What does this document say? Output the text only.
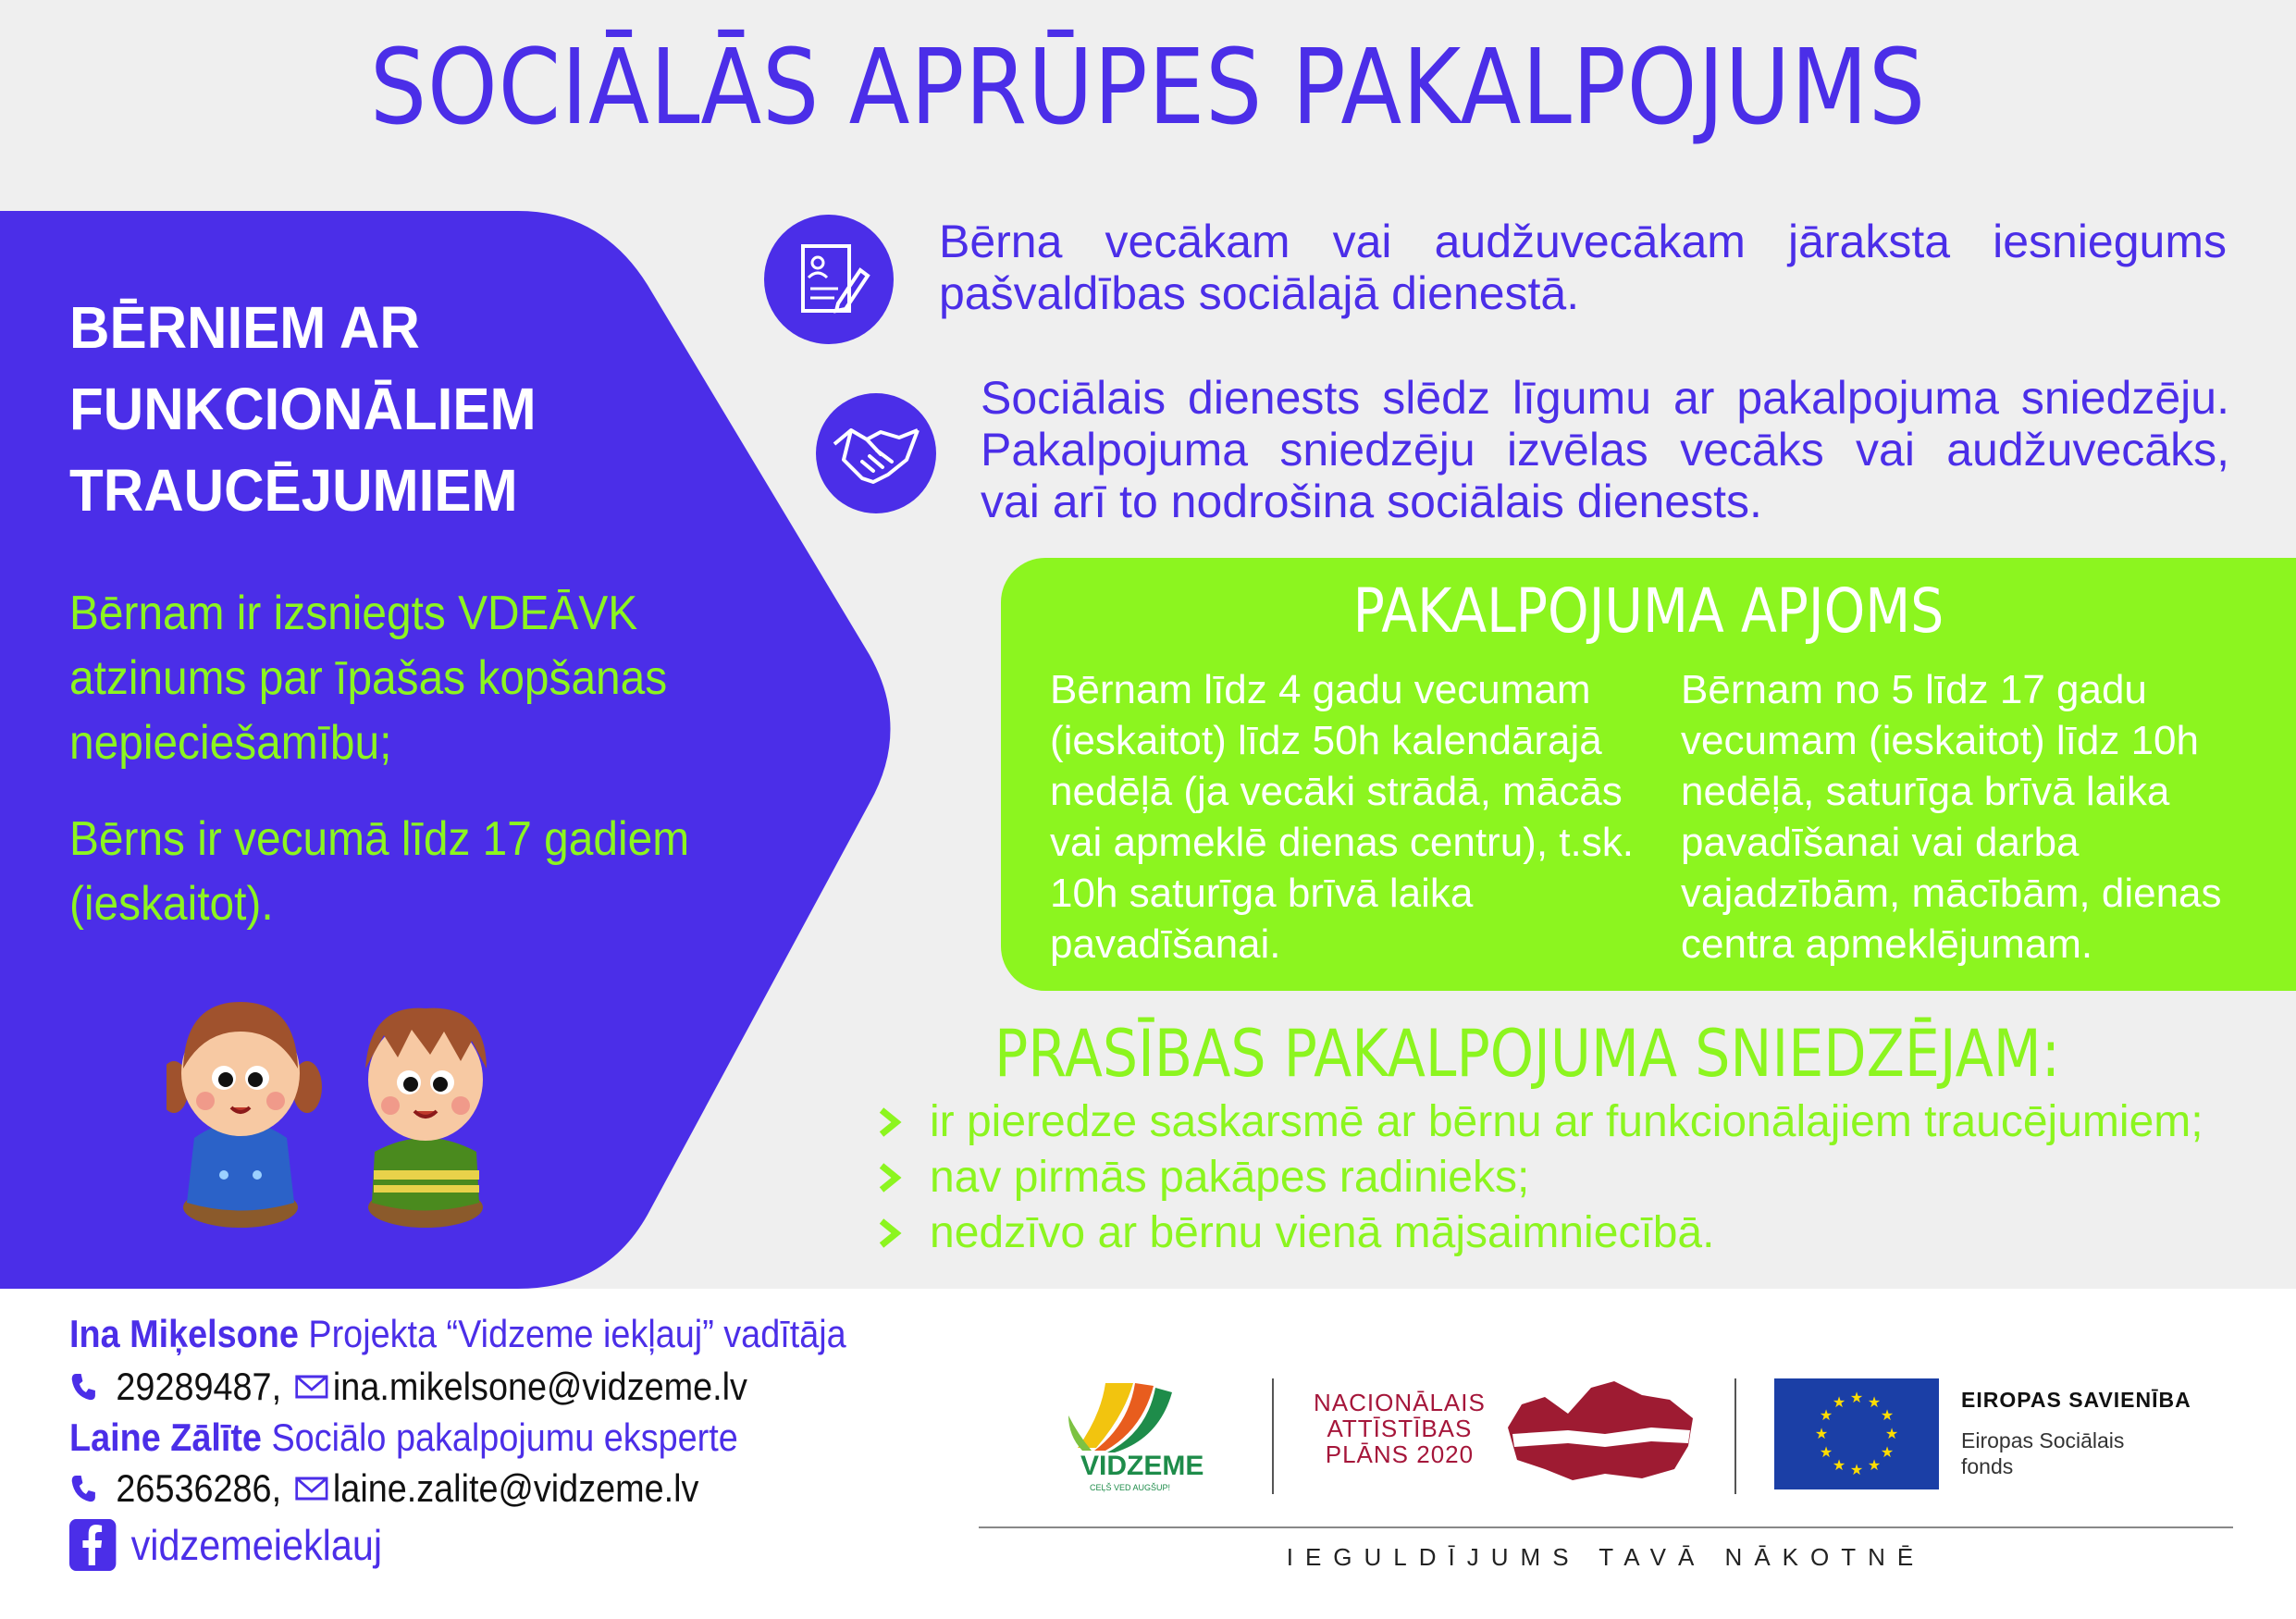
SOCIĀLĀS APRŪPES PAKALPOJUMS
BĒRNIEM AR
FUNKCIONĀLIEM
TRAUCĒJUMIEM
Bērnam ir izsniegts VDEĀVK
atzinums par īpašas kopšanas
nepieciešamību;
Bērns ir vecumā līdz 17 gadiem
(ieskaitot).
Bērna vecākam vai audžuvecākam jāraksta iesniegums
pašvaldības sociālajā dienestā.
Sociālais dienests slēdz līgumu ar pakalpojuma sniedzēju.
Pakalpojuma sniedzēju izvēlas vecāks vai audžuvecāks,
vai arī to nodrošina sociālais dienests.
PAKALPOJUMA APJOMS
Bērnam līdz 4 gadu vecumam
(ieskaitot) līdz 50h kalendārajā
nedēļā (ja vecāki strādā, mācās
vai apmeklē dienas centru), t.sk.
10h saturīga brīvā laika
pavadīšanai.
Bērnam no 5 līdz 17 gadu
vecumam (ieskaitot) līdz 10h
nedēļā, saturīga brīvā laika
pavadīšanai vai darba
vajadzībām, mācībām, dienas
centra apmeklējumam.
PRASĪBAS PAKALPOJUMA SNIEDZĒJAM:
ir pieredze saskarsmē ar bērnu ar funkcionālajiem traucējumiem;
nav pirmās pakāpes radinieks;
nedzīvo ar bērnu vienā mājsaimniecībā.
Ina Miķelsone Projekta “Vidzeme iekļauj” vadītāja
29289487, ina.mikelsone@vidzeme.lv
Laine Zālīte Sociālo pakalpojumu eksperte
26536286, laine.zalite@vidzeme.lv
vidzemeieklauj
VIDZEME
CEĻŠ VED AUGŠUP!
NACIONĀLAIS
ATTĪSTĪBAS
PLĀNS 2020
★ ★
★
★
★
★
★
★
★
★
★
★	EIROPAS SAVIENĪBA
Eiropas Sociālais
fonds
IEGULDĪJUMS TAVĀ NĀKOTNĒ
